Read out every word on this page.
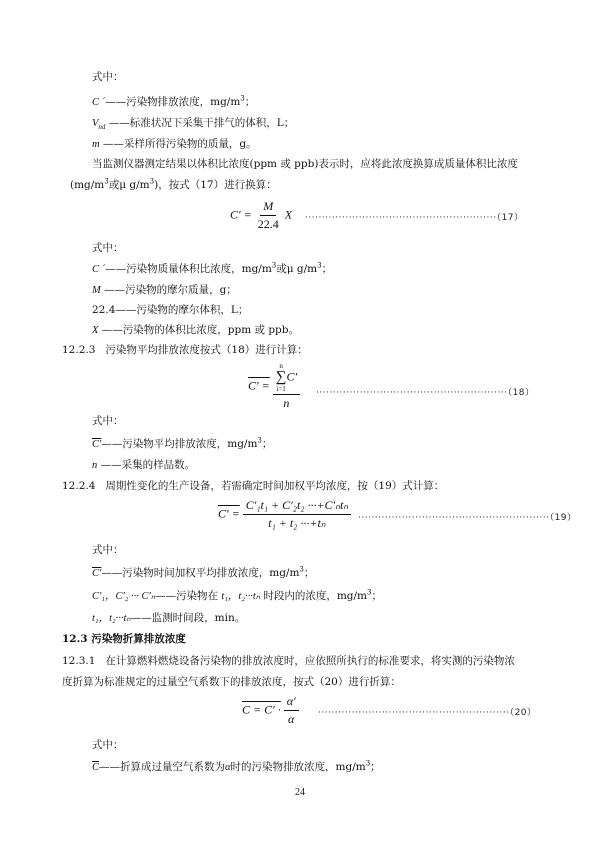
式中：
C ´——污染物排放浓度，$mg/m^3$；
$V_{nd}$ ——标准状况下采集干排气的体积，L；
m ——采样所得污染物的质量，g。
当监测仪器测定结果以体积比浓度(ppm 或 ppb)表示时，应将此浓度换算成质量体积比浓度
($mg/m^3$或μ $g/m^3$)，按式（17）进行换算：
$C' = \frac{M}{22.4}$ X ·························································（17）
式中：
C ´——污染物质量体积比浓度，$mg/m^3$或μ $g/m^3$；
M ——污染物的摩尔质量，g；
22.4——污染物的摩尔体积，L；
X ——污染物的体积比浓度，ppm 或 ppb。
12.2.3 污染物平均排放浓度按式（18）进行计算：
C′ = n
∑
i=1
C′
n ·························································（18）
式中：
C'——污染物平均排放浓度，$mg/m^3$；
n ——采集的样品数。
12.2.4 周期性变化的生产设备，若需确定时间加权平均浓度，按（19）式计算：
$C' = \frac{\text{C′₁t₁ + C′₂t₂ ···+C′ₙtₙ}}{\text{t₁ + t₂ ···+tₙ}} \cdot\cdot\cdot\cdot\cdot\cdot\cdot\cdot\cdot\cdot\cdot\cdot\cdot\cdot\cdot\cdot\cdot\cdot\cdot\cdot\cdot\cdot\cdot\cdot\cdot\cdot\cdot\cdot\cdot\cdot\cdot\cdot\cdot\cdot\cdot\cdot\cdot\cdot\cdot\cdot\cdot\cdot\cdot\cdot\cdot\cdot\cdot\cdot\cdot\cdot\cdot\cdot\cdot\cdot\cdot\cdot\cdot(19)$
式中：
C'——污染物时间加权平均排放浓度，$mg/m^3$；
C′₁，C′₂ ··· C′ₙ——污染物在 t₁，t₂···tₙ 时段内的浓度，$mg/m^3$；
t₁，t₂···tₙ——监测时间段，min。
12.3 污染物折算排放浓度
12.3.1 在计算燃料燃烧设备污染物的排放浓度时，应依照所执行的标准要求，将实测的污染物浓
度折算为标准规定的过量空气系数下的排放浓度，按式（20）进行折算：
$C = C' \cdot \frac{\alpha'}{\alpha} \cdot\cdot\cdot\cdot\cdot\cdot\cdot\cdot\cdot\cdot\cdot\cdot\cdot\cdot\cdot\cdot\cdot\cdot\cdot\cdot\cdot\cdot\cdot\cdot\cdot\cdot\cdot\cdot\cdot\cdot\cdot\cdot\cdot\cdot\cdot\cdot\cdot\cdot\cdot\cdot\cdot\cdot\cdot\cdot\cdot\cdot\cdot\cdot\cdot\cdot\cdot\cdot\cdot\cdot\cdot\cdot\cdot(20)$
式中：
$\overline{C}——$折算成过量空气系数为α时的污染物排放浓度，$mg/m^3$；
24
